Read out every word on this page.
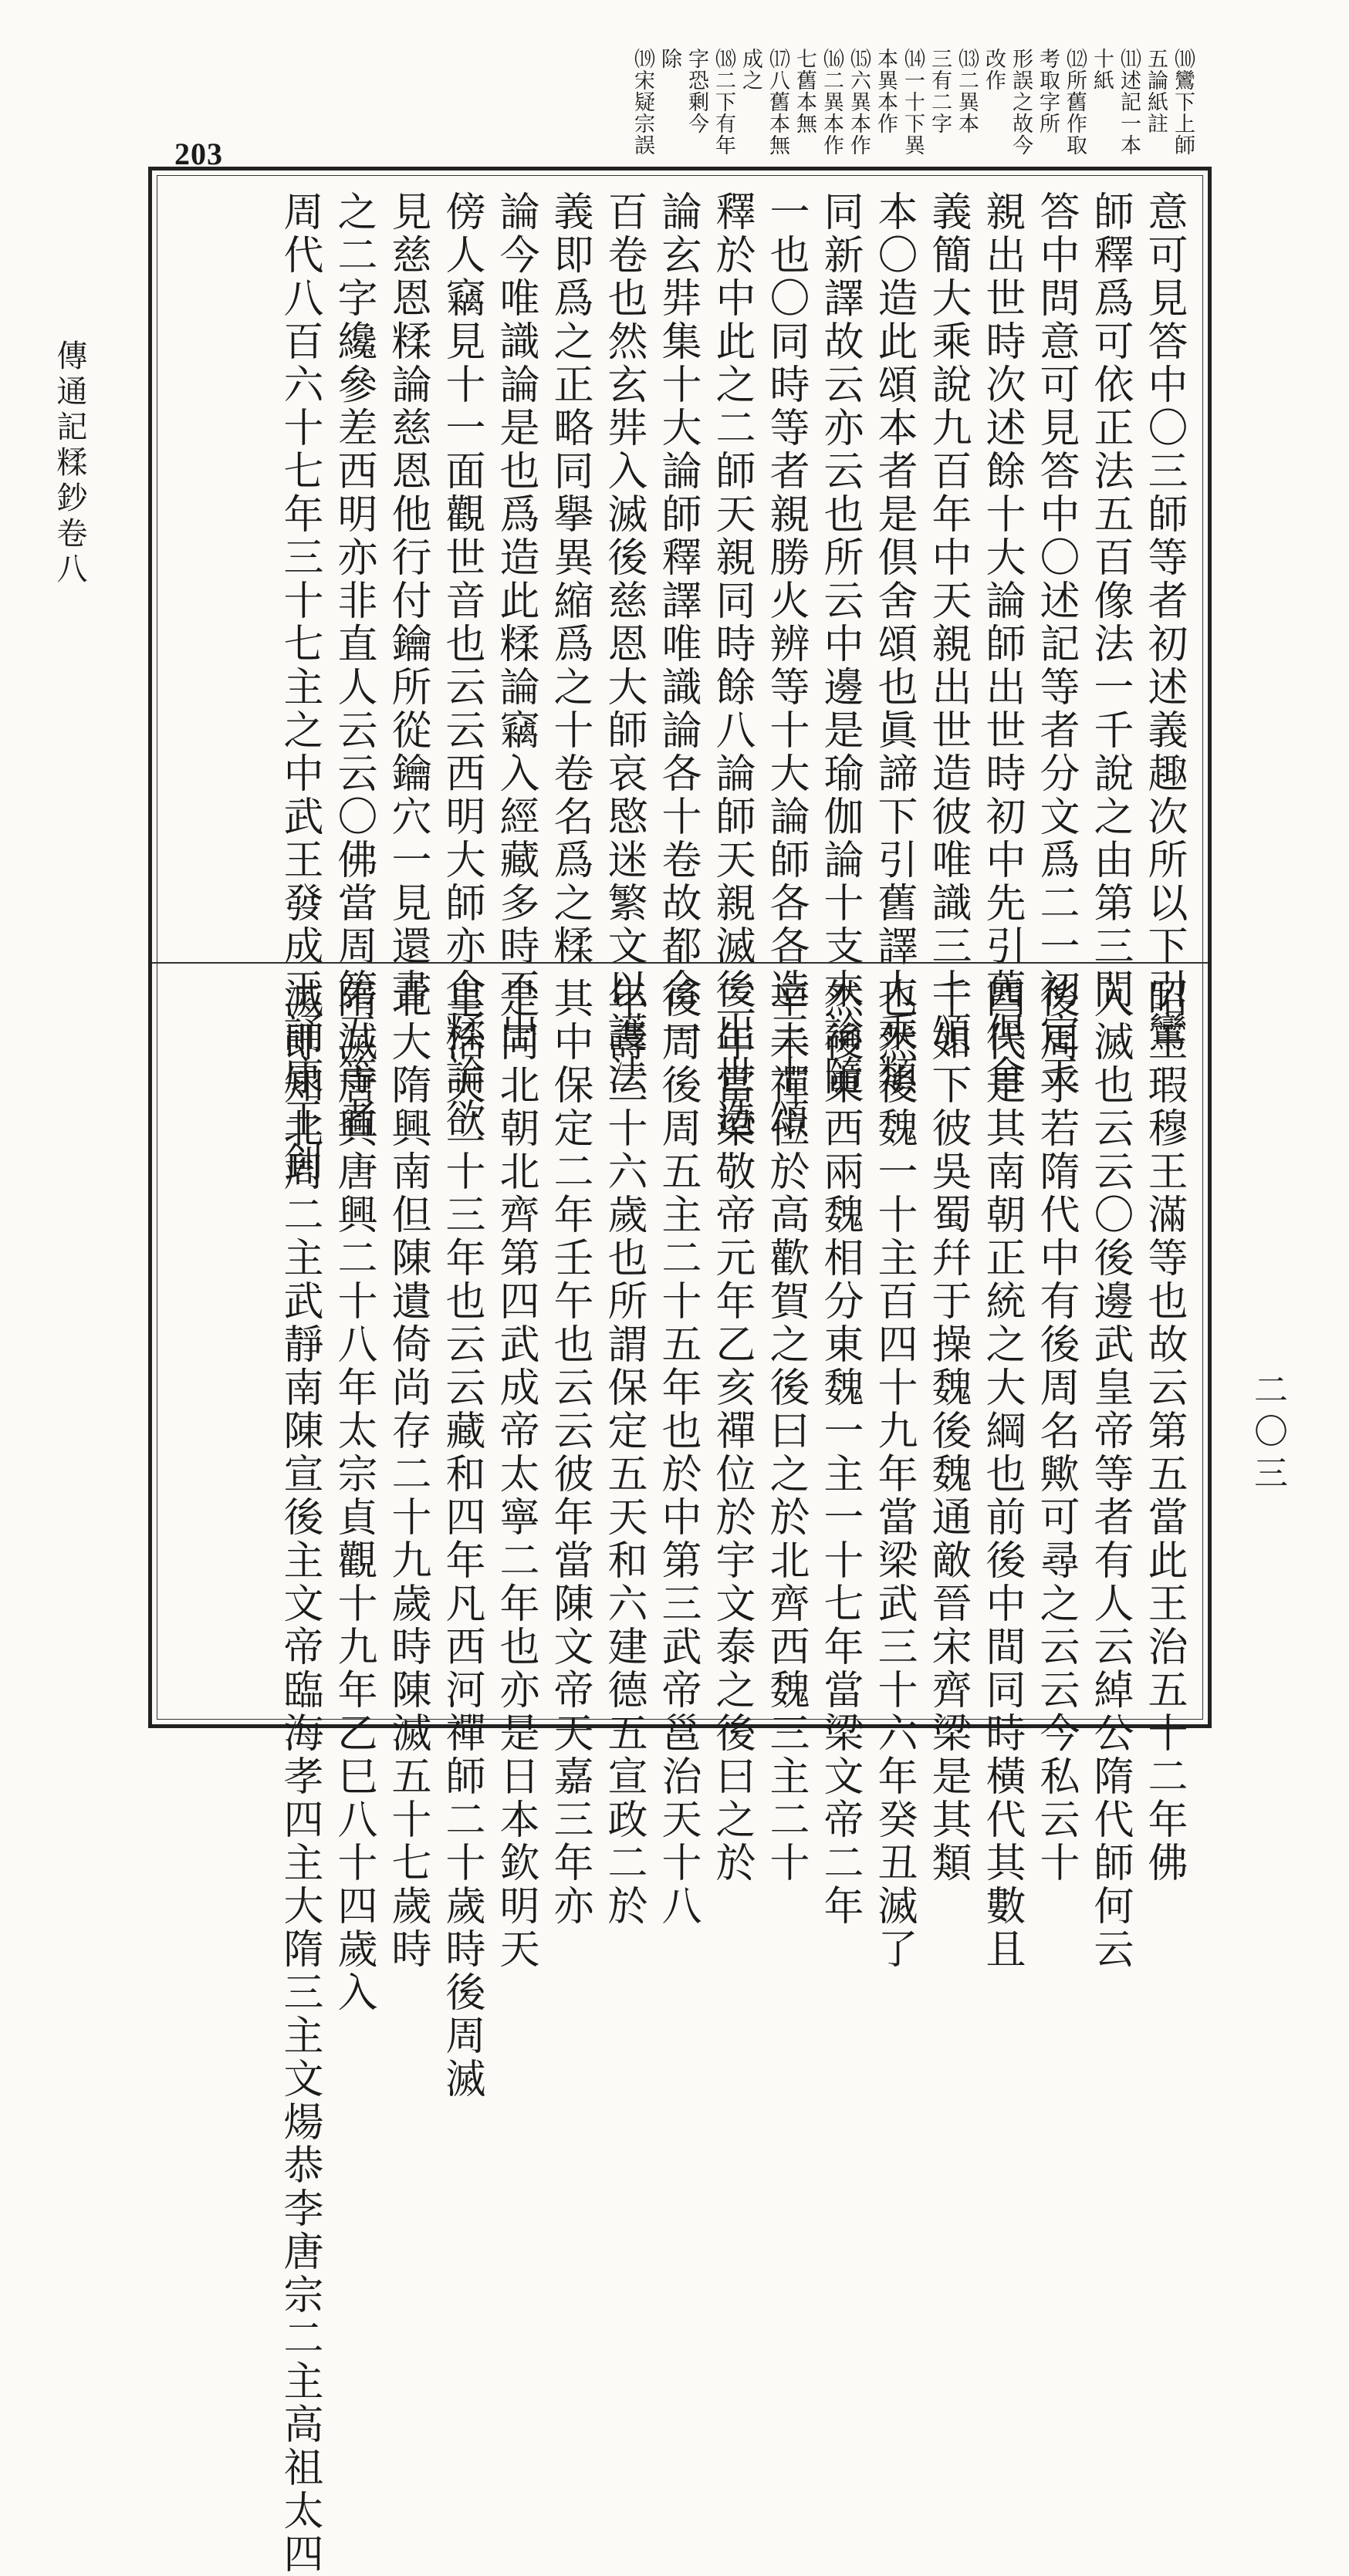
203	⑽鸞下上師五論紙註
⑾述記一本十紙
⑿所舊作取
考取字所
形誤之故今
改作
⒀二異本
三有二字
⒁一十下異
本異本作
⒂六異本作
⒃二異本作
七舊本無
⒄八舊本無
成之
⒅二下有年
字恐剰今
除
⒆宋疑宗誤
意可見答中〇三師等者初述義趣次所以下引鸞
師釋爲可依正法五百像法一千說之由第三問
答中問意可見答中〇述記等者分文爲二一初定天
親出世時次述餘十大論師出世時初中先引舊倶舍
義簡大乘說九百年中天親出世造彼唯識三十頌
本〇造此頌本者是倶舍頌也眞諦下引舊譯大乘類
同新譯故云亦云也所云中邊是瑜伽論十支末論隨
一也〇同時等者親勝火辨等十大論師各各造三十頌
釋於中此之二師天親同時餘八論師天親滅後出世造
論玄弉集十大論師釋譯唯識論各十卷故都合一
百卷也然玄弉入滅後慈恩大師哀愍迷繁文以護法
義即爲之正略同擧異縮爲之十卷名爲之糅
論今唯識論是也爲造此糅論竊入經藏多時不出
傍人竊見十一面觀世音也云云西明大師亦企糅論欲
見慈恩糅論慈恩他行付鑰所從鑰穴一見還書
之二字纔參差西明亦非直人云云〇佛當周第五等者
周代八百六十七年三十七主之中武王發成王誦康王釗
昭王瑕穆王滿等也故云第五當此王治五十二年佛
入滅也云云〇後邊武皇帝等者有人云綽公隋代師何云
後周乎若隋代中有後周名歟可尋之云云今私云十
四代是其南朝正統之大綱也前後中間同時橫代其數且
千如下彼吳蜀幷于操魏後魏通敵晉宋齊梁是其類
也然後魏一十主百四十九年當梁武三十六年癸丑滅了
然後東西兩魏相分東魏一主一十七年當梁文帝二年
辛未禪位於高歡賀之後曰之於北齊西魏三主二十
三年當梁敬帝元年乙亥禪位於宇文泰之後曰之於
後周後周五主二十五年也於中第三武帝邕治天十八
年壽三十六歲也所謂保定五天和六建德五宣政二於
其中保定二年壬午也云云彼年當陳文帝天嘉三年亦
是同北朝北齊第四武成帝太寧二年也亦是日本欽明天
皇治天二十三年也云云藏和四年凡西河禪師二十歲時後周滅
北大隋興南但陳遺倚尚存二十九歲時陳滅五十七歲時
隋滅唐興唐興二十八年太宗貞觀十九年乙巳八十四歲入
滅即知北周二主武靜南陳宣後主文帝臨海孝四主大隋三主文煬恭李唐宗二主高祖太四
傳通記糅鈔卷八
二〇三
